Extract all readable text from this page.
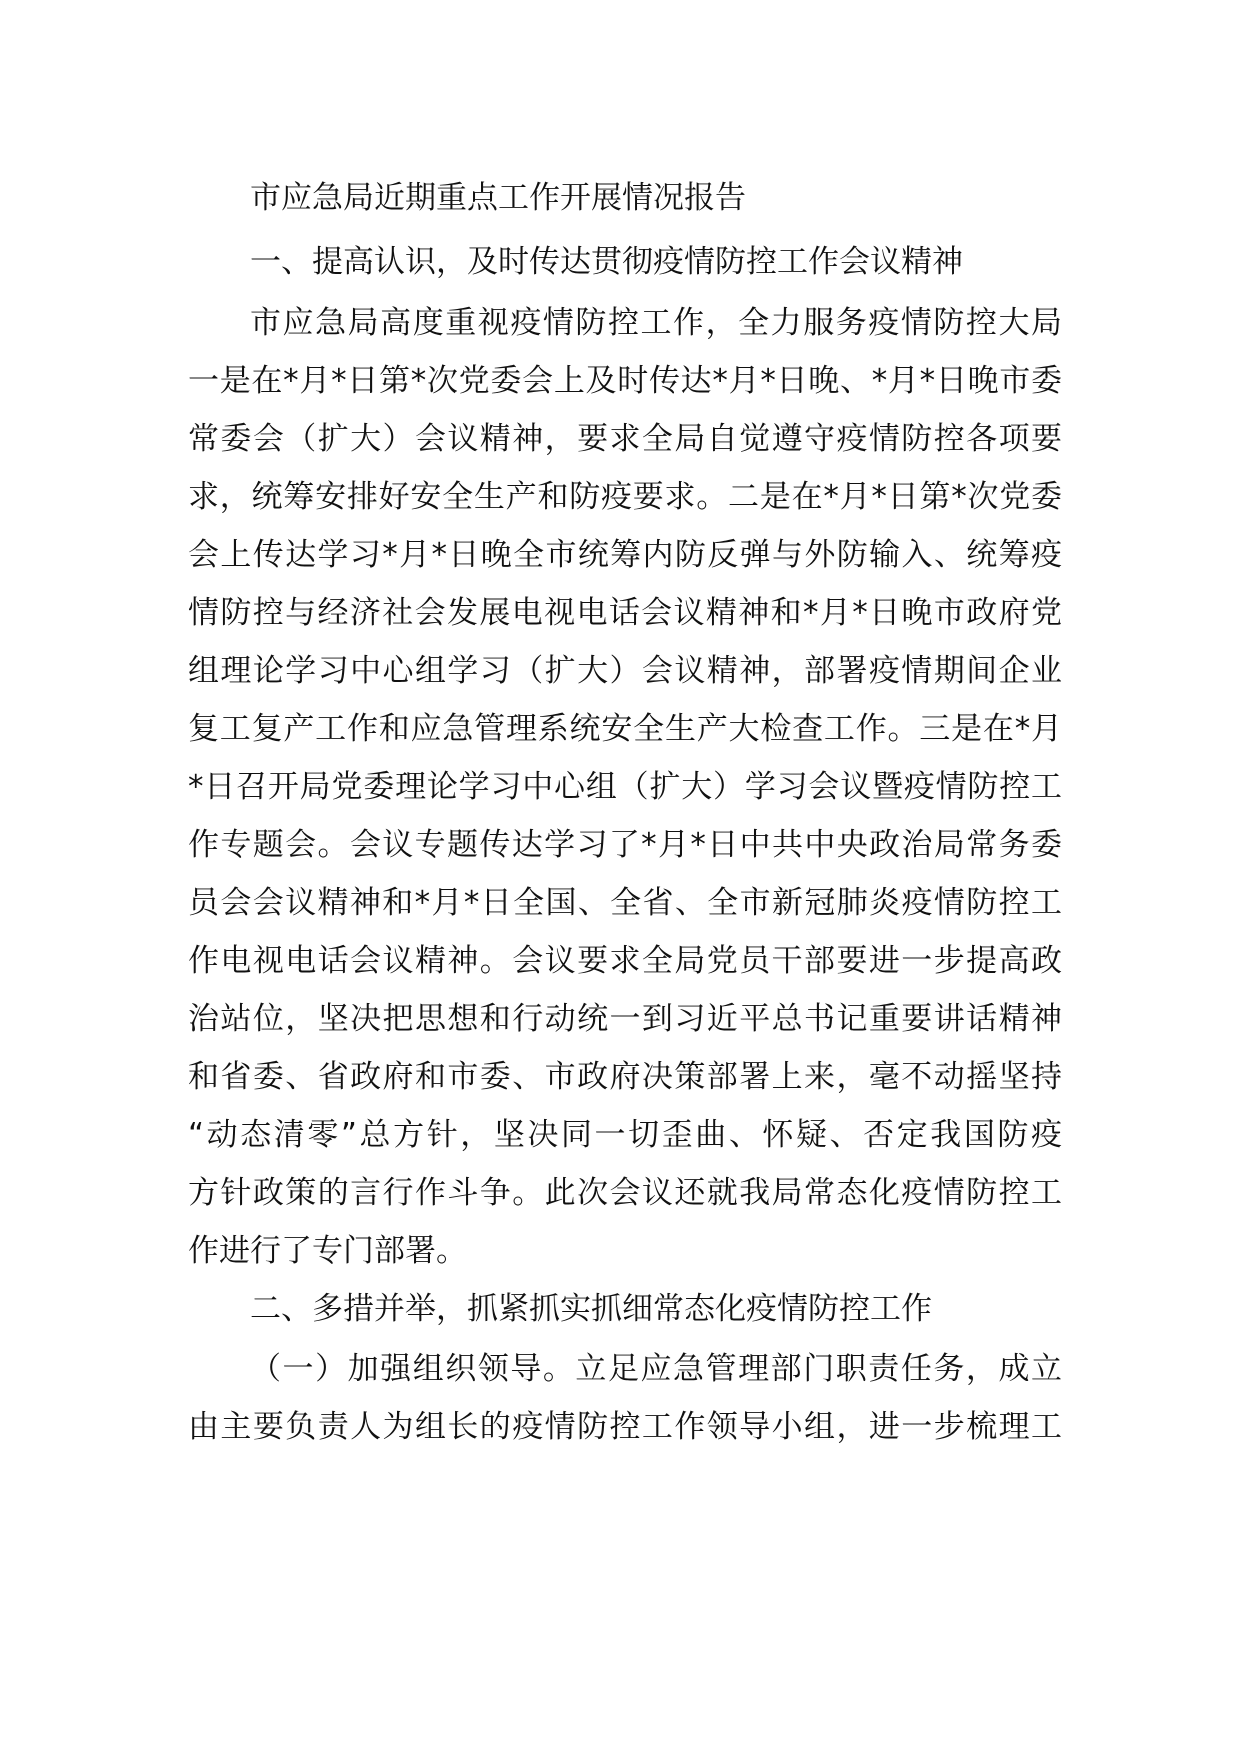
市应急局近期重点工作开展情况报告
一、提高认识，及时传达贯彻疫情防控工作会议精神
市应急局高度重视疫情防控工作，全力服务疫情防控大局
一是在*月*日第*次党委会上及时传达*月*日晚、*月*日晚市委
常委会（扩大）会议精神，要求全局自觉遵守疫情防控各项要
求，统筹安排好安全生产和防疫要求。二是在*月*日第*次党委
会上传达学习*月*日晚全市统筹内防反弹与外防输入、统筹疫
情防控与经济社会发展电视电话会议精神和*月*日晚市政府党
组理论学习中心组学习（扩大）会议精神，部署疫情期间企业
复工复产工作和应急管理系统安全生产大检查工作。三是在*月
*日召开局党委理论学习中心组（扩大）学习会议暨疫情防控工
作专题会。会议专题传达学习了*月*日中共中央政治局常务委
员会会议精神和*月*日全国、全省、全市新冠肺炎疫情防控工
作电视电话会议精神。会议要求全局党员干部要进一步提高政
治站位，坚决把思想和行动统一到习近平总书记重要讲话精神
和省委、省政府和市委、市政府决策部署上来，毫不动摇坚持
“动态清零”总方针，坚决同一切歪曲、怀疑、否定我国防疫
方针政策的言行作斗争。此次会议还就我局常态化疫情防控工
作进行了专门部署。
二、多措并举，抓紧抓实抓细常态化疫情防控工作
（一）加强组织领导。立足应急管理部门职责任务，成立
由主要负责人为组长的疫情防控工作领导小组，进一步梳理工
